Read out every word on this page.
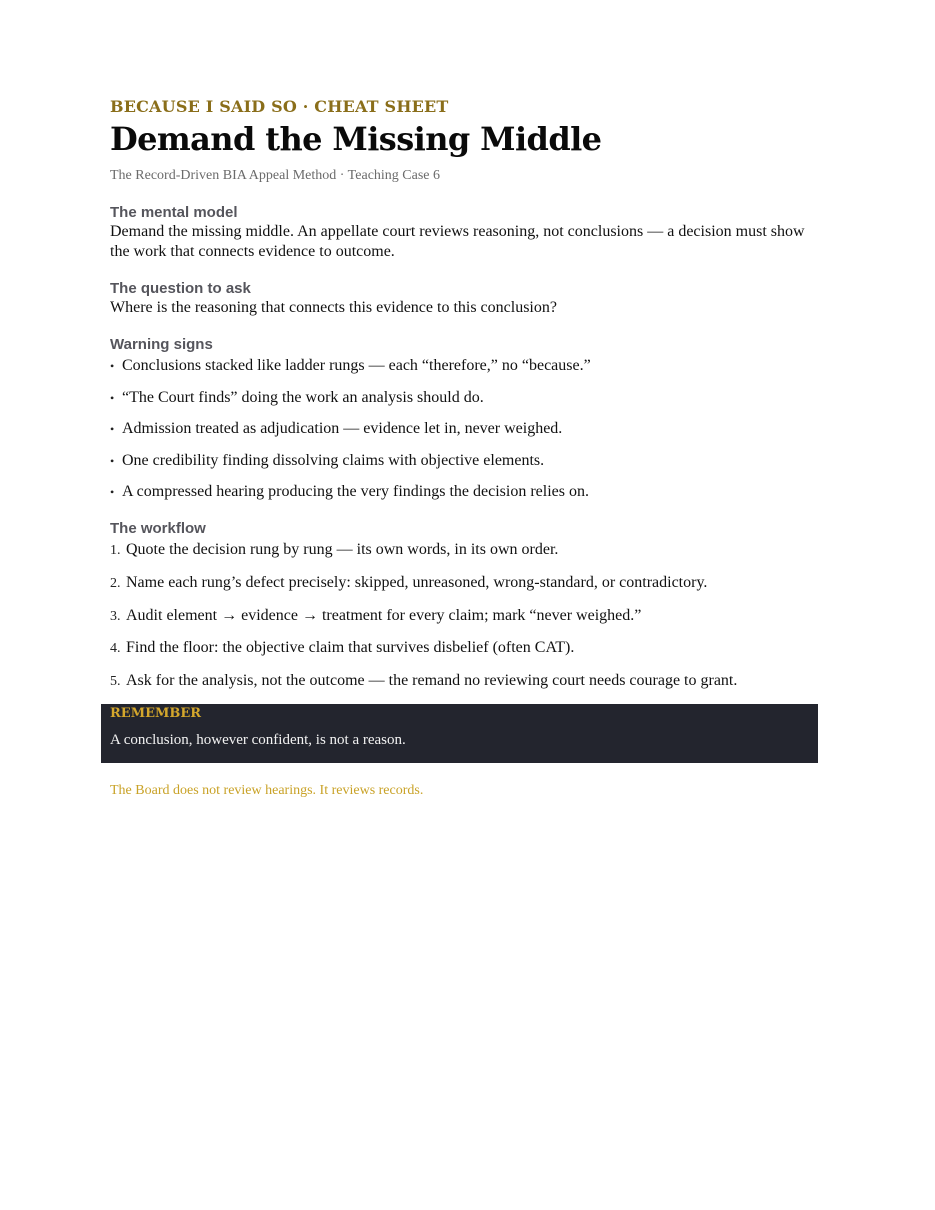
BECAUSE I SAID SO · CHEAT SHEET
Demand the Missing Middle
The Record-Driven BIA Appeal Method · Teaching Case 6
The mental model
Demand the missing middle. An appellate court reviews reasoning, not conclusions — a decision must show the work that connects evidence to outcome.
The question to ask
Where is the reasoning that connects this evidence to this conclusion?
Warning signs
• Conclusions stacked like ladder rungs — each “therefore,” no “because.”
• “The Court finds” doing the work an analysis should do.
• Admission treated as adjudication — evidence let in, never weighed.
• One credibility finding dissolving claims with objective elements.
• A compressed hearing producing the very findings the decision relies on.
The workflow
1. Quote the decision rung by rung — its own words, in its own order.
2. Name each rung’s defect precisely: skipped, unreasoned, wrong-standard, or contradictory.
3. Audit element → evidence → treatment for every claim; mark “never weighed.”
4. Find the floor: the objective claim that survives disbelief (often CAT).
5. Ask for the analysis, not the outcome — the remand no reviewing court needs courage to grant.
REMEMBER
A conclusion, however confident, is not a reason.
The Board does not review hearings. It reviews records.
